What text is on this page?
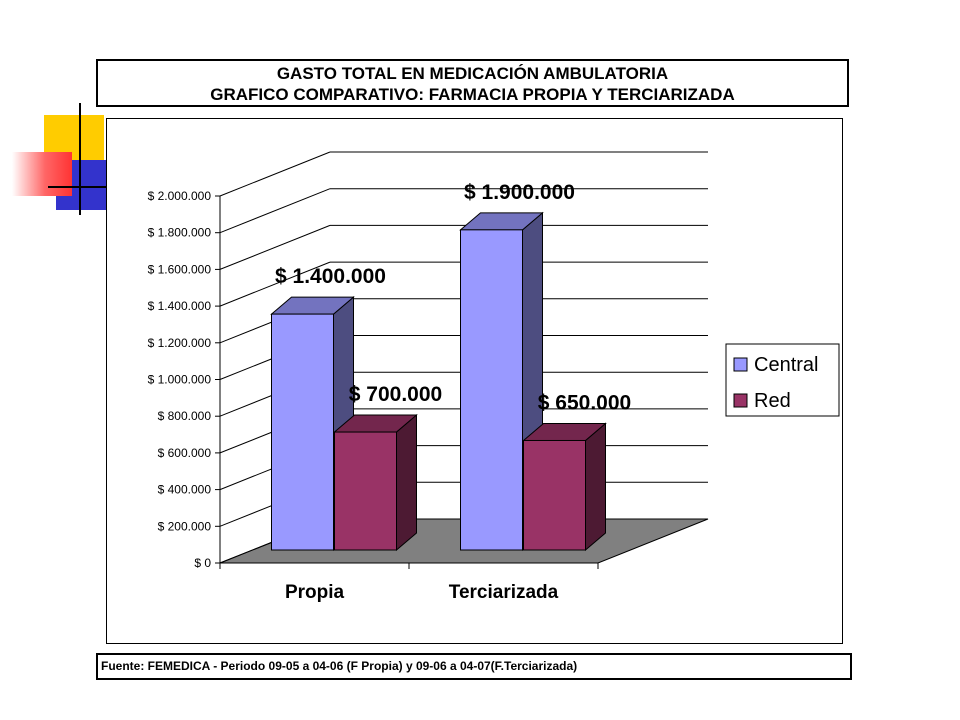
GASTO TOTAL EN MEDICACIÓN AMBULATORIA
GRAFICO COMPARATIVO: FARMACIA PROPIA Y TERCIARIZADA
$ 0
$ 200.000
$ 400.000
$ 600.000
$ 800.000
$ 1.000.000
$ 1.200.000
$ 1.400.000
$ 1.600.000
$ 1.800.000
$ 2.000.000
$ 1.400.000
$ 700.000
$ 1.900.000
$ 650.000
Propia	Terciarizada
Central
Red
Fuente: FEMEDICA - Periodo 09-05 a 04-06 (F Propia) y 09-06 a 04-07(F.Terciarizada)
